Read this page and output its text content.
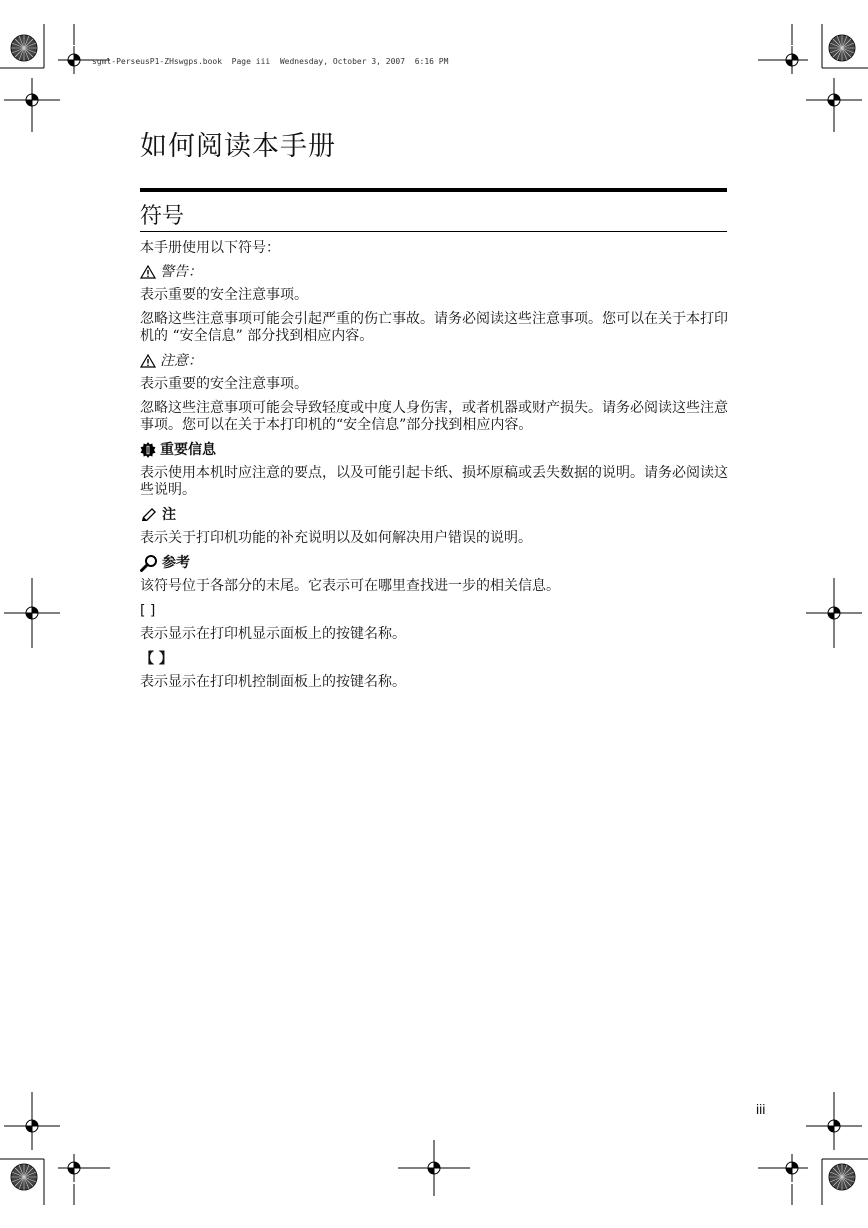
sgml-PerseusP1-ZHswgps.book  Page iii  Wednesday, October 3, 2007  6:16 PM
如何阅读本手册
符号

本手册使用以下符号：

警告：

表示重要的安全注意事项。

忽略这些注意事项可能会引起严重的伤亡事故。请务必阅读这些注意事项。您可以在关于本打印机的 “安全信息” 部分找到相应内容。

注意：

表示重要的安全注意事项。

忽略这些注意事项可能会导致轻度或中度人身伤害，或者机器或财产损失。请务必阅读这些注意事项。您可以在关于本打印机的“安全信息”部分找到相应内容。

重要信息

表示使用本机时应注意的要点，以及可能引起卡纸、损坏原稿或丢失数据的说明。请务必阅读这些说明。

注

表示关于打印机功能的补充说明以及如何解决用户错误的说明。

参考

该符号位于各部分的末尾。它表示可在哪里查找进一步的相关信息。

[ ]

表示显示在打印机显示面板上的按键名称。

【 】

表示显示在打印机控制面板上的按键名称。

iii
